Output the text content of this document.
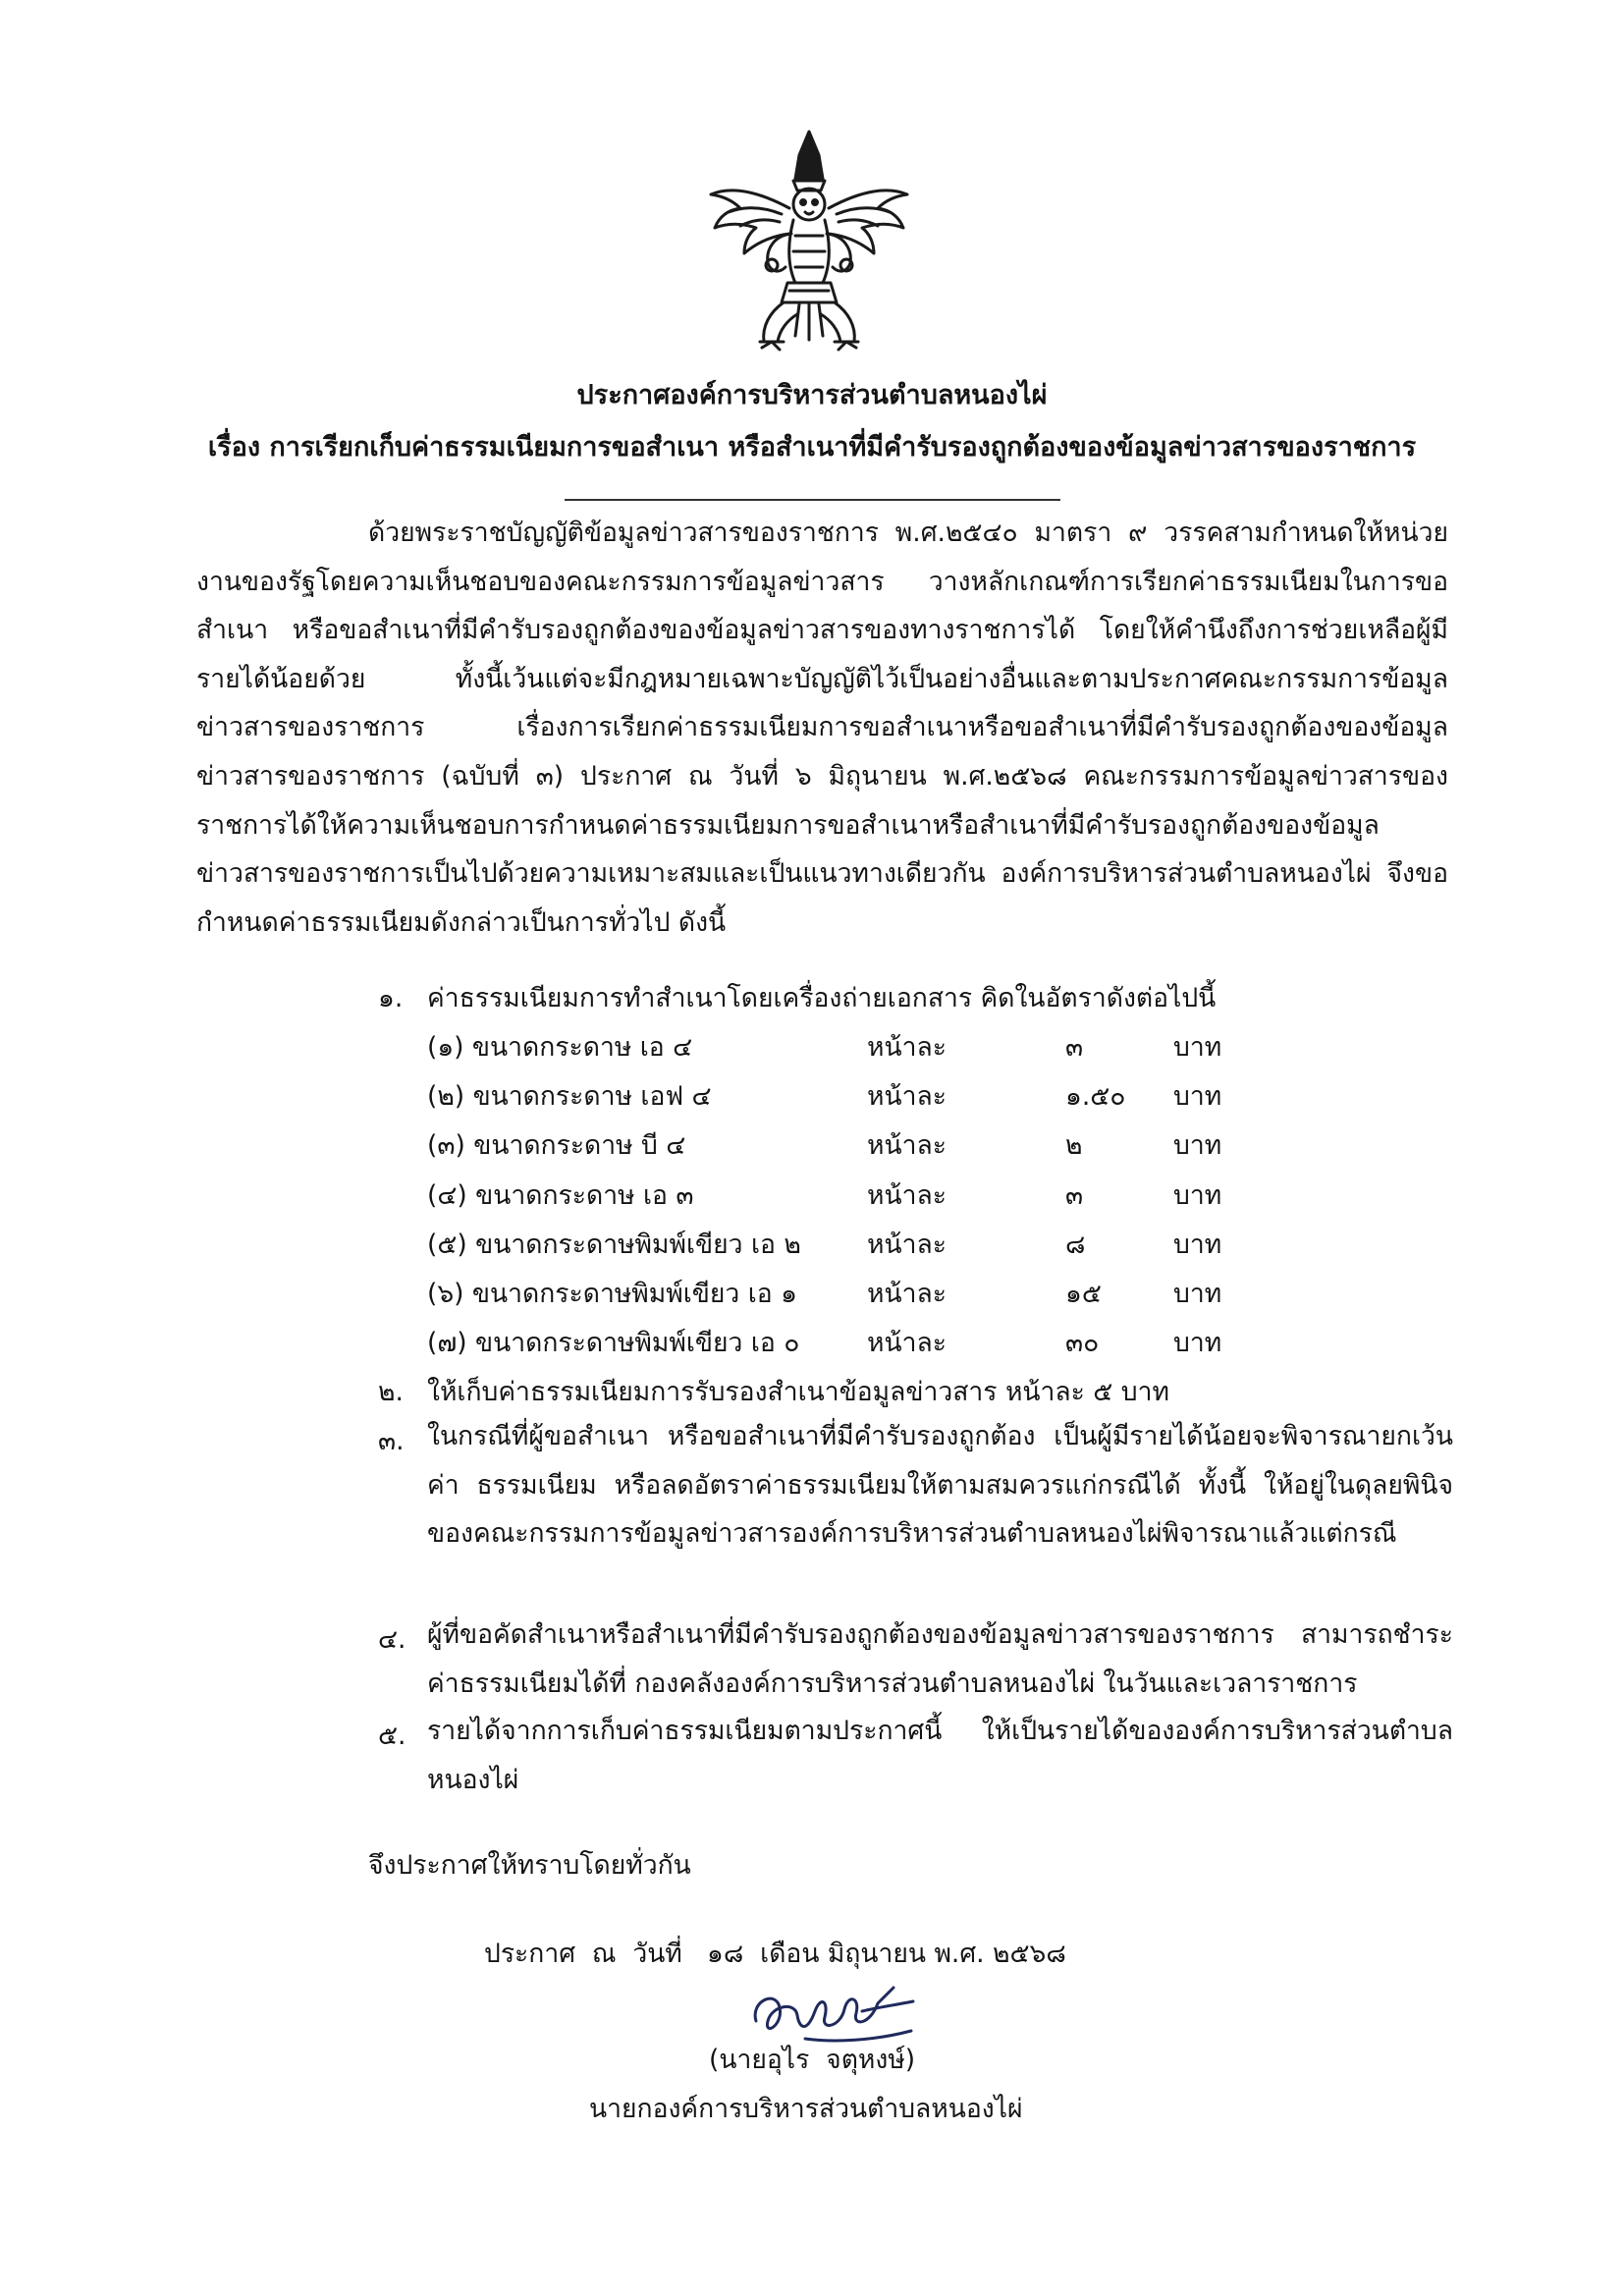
ประกาศองค์การบริหารส่วนตำบลหนองไผ่
เรื่อง การเรียกเก็บค่าธรรมเนียมการขอสำเนา หรือสำเนาที่มีคำรับรองถูกต้องของข้อมูลข่าวสารของราชการ
ด้วยพระราชบัญญัติข้อมูลข่าวสารของราชการ พ.ศ.๒๕๔๐ มาตรา ๙ วรรคสามกำหนดให้หน่วยงานของรัฐโดยความเห็นชอบของคณะกรรมการข้อมูลข่าวสาร วางหลักเกณฑ์การเรียกค่าธรรมเนียมในการขอสำเนา หรือขอสำเนาที่มีคำรับรองถูกต้องของข้อมูลข่าวสารของทางราชการได้ โดยให้คำนึงถึงการช่วยเหลือผู้มีรายได้น้อยด้วย ทั้งนี้เว้นแต่จะมีกฎหมายเฉพาะบัญญัติไว้เป็นอย่างอื่นและตามประกาศคณะกรรมการข้อมูลข่าวสารของราชการ เรื่องการเรียกค่าธรรมเนียมการขอสำเนาหรือขอสำเนาที่มีคำรับรองถูกต้องของข้อมูลข่าวสารของราชการ (ฉบับที่ ๓) ประกาศ ณ วันที่ ๖ มิถุนายน พ.ศ.๒๕๖๘ คณะกรรมการข้อมูลข่าวสารของราชการได้ให้ความเห็นชอบการกำหนดค่าธรรมเนียมการขอสำเนาหรือสำเนาที่มีคำรับรองถูกต้องของข้อมูลข่าวสารของราชการเป็นไปด้วยความเหมาะสมและเป็นแนวทางเดียวกัน องค์การบริหารส่วนตำบลหนองไผ่ จึงขอกำหนดค่าธรรมเนียมดังกล่าวเป็นการทั่วไป ดังนี้
๑. ค่าธรรมเนียมการทำสำเนาโดยเครื่องถ่ายเอกสาร คิดในอัตราดังต่อไปนี้
(๑) ขนาดกระดาษ เอ ๔	หน้าละ	๓	บาท
(๒) ขนาดกระดาษ เอฟ ๔	หน้าละ	๑.๕๐ บาท
(๓) ขนาดกระดาษ บี ๔	หน้าละ	๒	บาท
(๔) ขนาดกระดาษ เอ ๓	หน้าละ	๓	บาท
(๕) ขนาดกระดาษพิมพ์เขียว เอ ๒	หน้าละ	๘	บาท
(๖) ขนาดกระดาษพิมพ์เขียว เอ ๑	หน้าละ	๑๕	บาท
(๗) ขนาดกระดาษพิมพ์เขียว เอ ๐	หน้าละ	๓๐	บาท
๒. ให้เก็บค่าธรรมเนียมการรับรองสำเนาข้อมูลข่าวสาร หน้าละ ๕ บาท
๓. ในกรณีที่ผู้ขอสำเนา หรือขอสำเนาที่มีคำรับรองถูกต้อง เป็นผู้มีรายได้น้อยจะพิจารณายกเว้นค่า ธรรมเนียม หรือลดอัตราค่าธรรมเนียมให้ตามสมควรแก่กรณีได้ ทั้งนี้ ให้อยู่ในดุลยพินิจของคณะกรรมการข้อมูลข่าวสารองค์การบริหารส่วนตำบลหนองไผ่พิจารณาแล้วแต่กรณี
๔. ผู้ที่ขอคัดสำเนาหรือสำเนาที่มีคำรับรองถูกต้องของข้อมูลข่าวสารของราชการ สามารถชำระค่าธรรมเนียมได้ที่ กองคลังองค์การบริหารส่วนตำบลหนองไผ่ ในวันและเวลาราชการ
๕. รายได้จากการเก็บค่าธรรมเนียมตามประกาศนี้ ให้เป็นรายได้ขององค์การบริหารส่วนตำบลหนองไผ่
จึงประกาศให้ทราบโดยทั่วกัน
ประกาศ  ณ  วันที่   ๑๘  เดือน มิถุนายน พ.ศ. ๒๕๖๘
(นายอุไร  จตุหงษ์)
นายกองค์การบริหารส่วนตำบลหนองไผ่
